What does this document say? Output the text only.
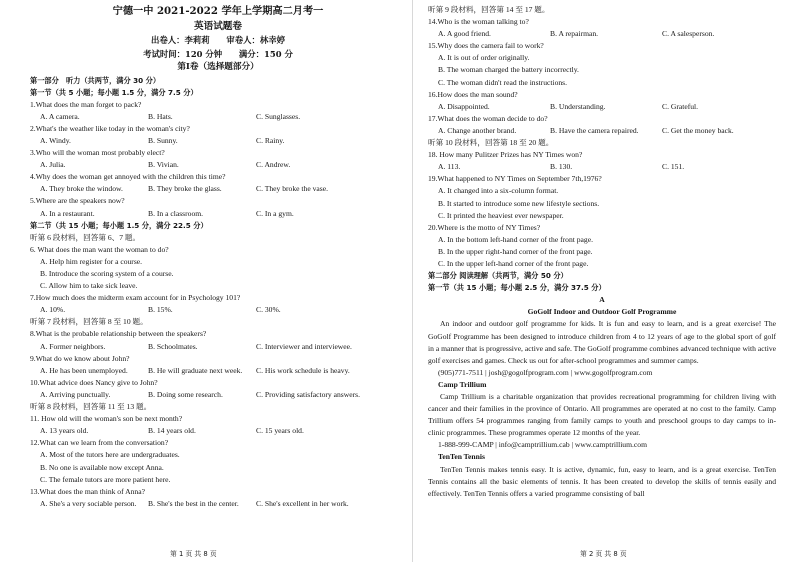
宁德一中 2021-2022 学年上学期高二月考一
英语试题卷
出卷人：李莉莉　　审卷人：林幸婷
考试时间：120 分钟　　满分：150 分
第Ⅰ卷（选择题部分）
第一部分　听力（共两节，满分 30 分）
第一节（共 5 小题；每小题 1.5 分，满分 7.5 分）
1.What does the man forget to pack?
A. A camera.	B. Hats.	C. Sunglasses.
2.What's the weather like today in the woman's city?
A. Windy.	B. Sunny.	C. Rainy.
3.Who will the woman most probably elect?
A. Julia.	B. Vivian.	C. Andrew.
4.Why does the woman get annoyed with the children this time?
A. They broke the window.	B. They broke the glass.	C. They broke the vase.
5.Where are the speakers now?
A. In a restaurant.	B. In a classroom.	C. In a gym.
第二节（共 15 小题；每小题 1.5 分，满分 22.5 分）
听第 6 段材料，回答第 6、7 题。
6. What does the man want the woman to do?
A. Help him register for a course.
B. Introduce the scoring system of a course.
C. Allow him to take sick leave.
7.How much does the midterm exam account for in Psychology 101?
A. 10%.	B. 15%.	C. 30%.
听第 7 段材料，回答第 8 至 10 题。
8.What is the probable relationship between the speakers?
A. Former neighbors.	B. Schoolmates.	C. Interviewer and interviewee.
9.What do we know about John?
A. He has been unemployed.	B. He will graduate next week.	C. His work schedule is heavy.
10.What advice does Nancy give to John?
A. Arriving punctually.	B. Doing some research.	C. Providing satisfactory answers.
听第 8 段材料，回答第 11 至 13 题。
11. How old will the woman's son be next month?
A. 13 years old.	B. 14 years old.	C. 15 years old.
12.What can we learn from the conversation?
A. Most of the tutors here are undergraduates.
B. No one is available now except Anna.
C. The female tutors are more patient here.
13.What does the man think of Anna?
A. She's a very sociable person.	B. She's the best in the center.	C. She's excellent in her work.
第 1 页 共 8 页
听第 9 段材料，回答第 14 至 17 题。
14.Who is the woman talking to?
A. A good friend.	B. A repairman.	C. A salesperson.
15.Why does the camera fail to work?
A. It is out of order originally.
B. The woman charged the battery incorrectly.
C. The woman didn't read the instructions.
16.How does the man sound?
A. Disappointed.	B. Understanding.	C. Grateful.
17.What does the woman decide to do?
A. Change another brand.	B. Have the camera repaired.	C. Get the money back.
听第 10 段材料，回答第 18 至 20 题。
18. How many Pulitzer Prizes has NY Times won?
A. 113.	B. 130.	C. 151.
19.What happened to NY Times on September 7th,1976?
A. It changed into a six-column format.
B. It started to introduce some new lifestyle sections.
C. It printed the heaviest ever newspaper.
20.Where is the motto of NY Times?
A. In the bottom left-hand corner of the front page.
B. In the upper right-hand corner of the front page.
C. In the upper left-hand corner of the front page.
第二部分 阅读理解（共两节，满分 50 分）
第一节（共 15 小题；每小题 2.5 分，满分 37.5 分）
A
GoGolf Indoor and Outdoor Golf Programme
An indoor and outdoor golf programme for kids. It is fun and easy to learn, and is a great exercise! The GoGolf Programme has been designed to introduce children from 4 to 12 years of age to the global sport of golf in a manner that is progressive, active and safe. The GoGolf programme combines advanced technique with active golf exercises and games. Check us out for after-school programmes and summer camps.
(905)771-7511 | josh@gogolfprogram.com | www.gogolfprogram.com
Camp Trillium
Camp Trillium is a charitable organization that provides recreational programming for children living with cancer and their families in the province of Ontario. All programmes are operated at no cost to the family. Camp Trillium offers 54 programmes ranging from family camps to youth and preschool groups to day camps to in-clinic programmes. These programmes operate 12 months of the year.
1-888-999-CAMP | info@camptrillium.cab | www.camptrillium.com
TenTen Tennis
TenTen Tennis makes tennis easy. It is active, dynamic, fun, easy to learn, and is a great exercise. TenTen Tennis contains all the basic elements of tennis. It has been created to develop the skills of tennis easily and effectively. TenTen Tennis offers a varied programme consisting of ball
第 2 页 共 8 页
